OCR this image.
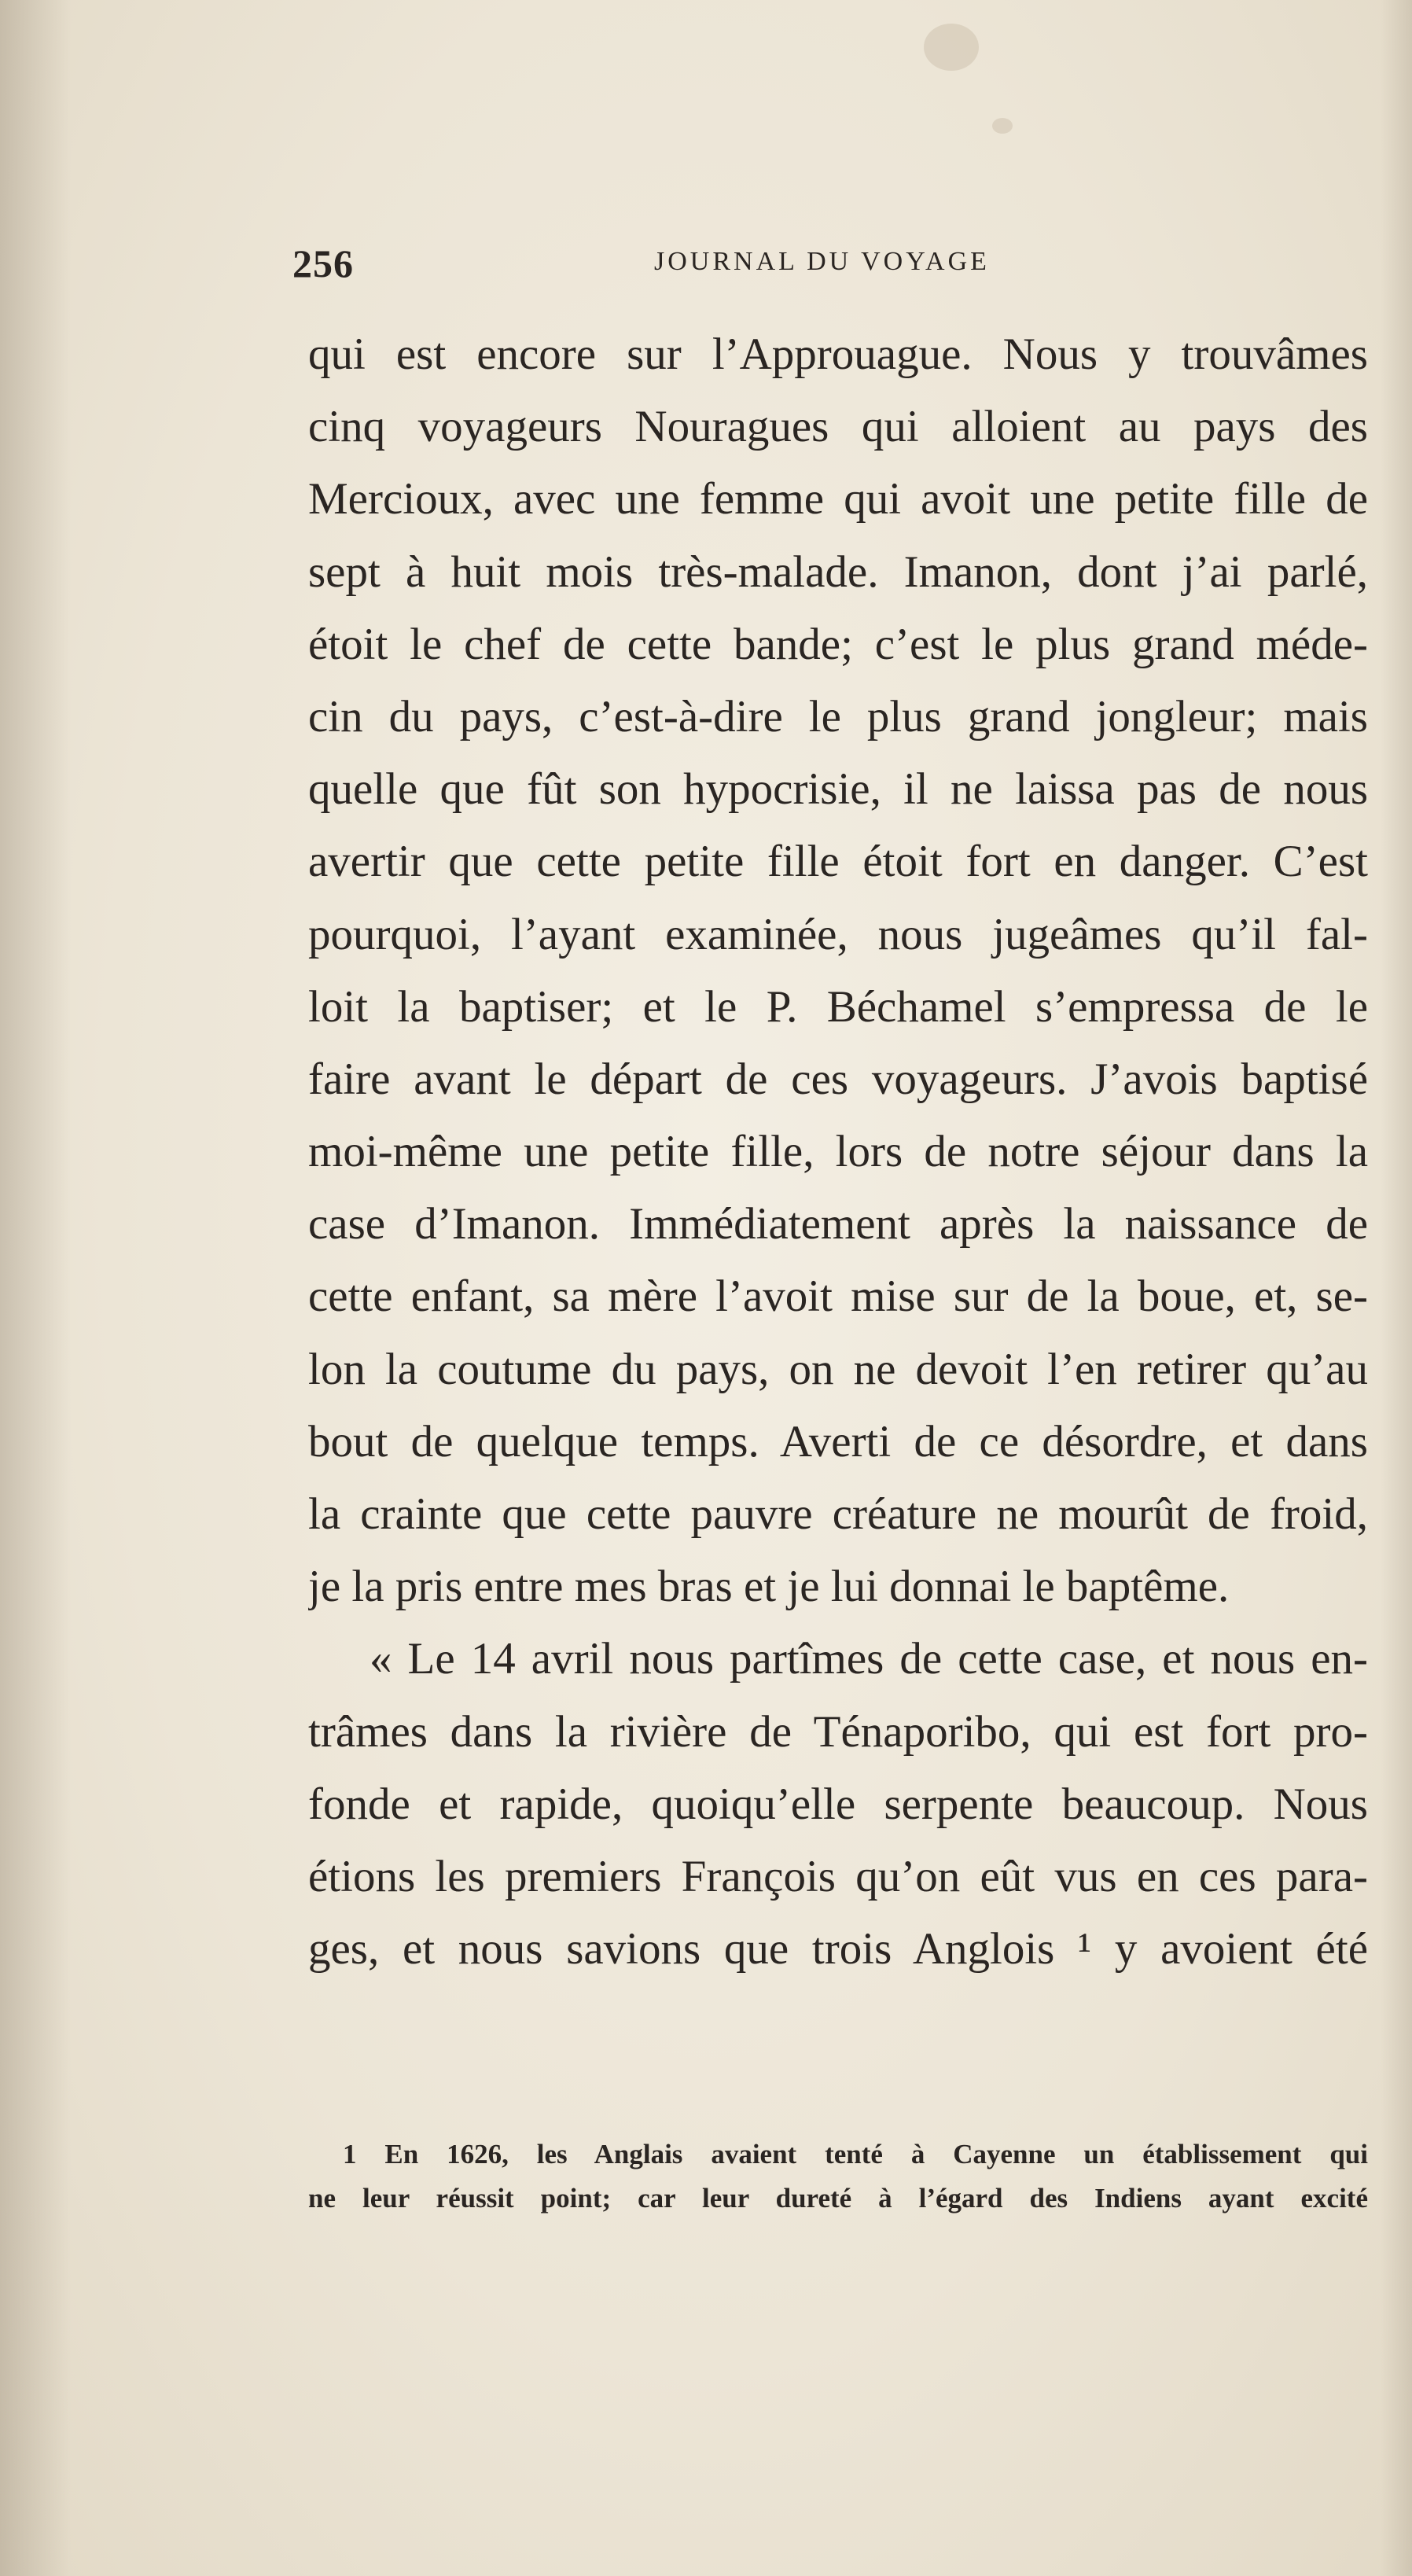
256	JOURNAL DU VOYAGE
qui est encore sur l’Approuague. Nous y trouvâmes
cinq voyageurs Nouragues qui alloient au pays des
Mercioux, avec une femme qui avoit une petite fille de
sept à huit mois très-malade. Imanon, dont j’ai parlé,
étoit le chef de cette bande; c’est le plus grand méde-
cin du pays, c’est-à-dire le plus grand jongleur; mais
quelle que fût son hypocrisie, il ne laissa pas de nous
avertir que cette petite fille étoit fort en danger. C’est
pourquoi, l’ayant examinée, nous jugeâmes qu’il fal-
loit la baptiser; et le P. Béchamel s’empressa de le
faire avant le départ de ces voyageurs. J’avois baptisé
moi-même une petite fille, lors de notre séjour dans la
case d’Imanon. Immédiatement après la naissance de
cette enfant, sa mère l’avoit mise sur de la boue, et, se-
lon la coutume du pays, on ne devoit l’en retirer qu’au
bout de quelque temps. Averti de ce désordre, et dans
la crainte que cette pauvre créature ne mourût de froid,
je la pris entre mes bras et je lui donnai le baptême.
« Le 14 avril nous partîmes de cette case, et nous en-
trâmes dans la rivière de Ténaporibo, qui est fort pro-
fonde et rapide, quoiqu’elle serpente beaucoup. Nous
étions les premiers François qu’on eût vus en ces para-
ges, et nous savions que trois Anglois ¹ y avoient été
1 En 1626, les Anglais avaient tenté à Cayenne un établissement qui
ne leur réussit point; car leur dureté à l’égard des Indiens ayant excité
